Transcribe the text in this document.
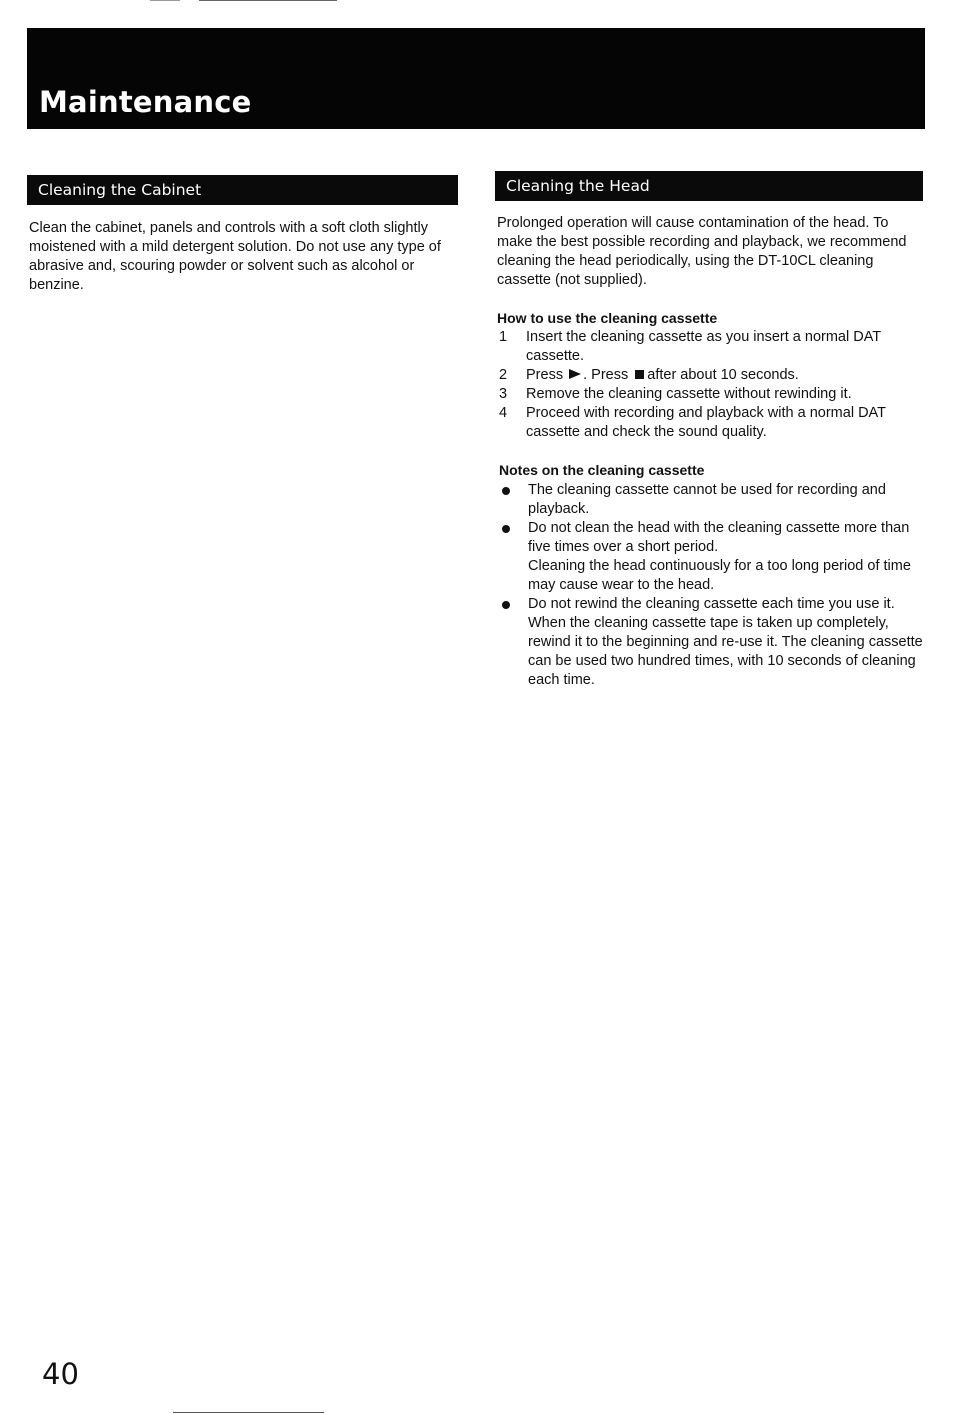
Maintenance
Cleaning the Cabinet
Clean the cabinet, panels and controls with a soft cloth slightly moistened with a mild detergent solution. Do not use any type of abrasive and, scouring powder or solvent such as alcohol or benzine.
Cleaning the Head
Prolonged operation will cause contamination of the head. To make the best possible recording and playback, we recommend cleaning the head periodically, using the DT-10CL cleaning cassette (not supplied).
How to use the cleaning cassette
1 Insert the cleaning cassette as you insert a normal DAT cassette.
2 Press . Press after about 10 seconds.
3 Remove the cleaning cassette without rewinding it.
4 Proceed with recording and playback with a normal DAT cassette and check the sound quality.
Notes on the cleaning cassette
The cleaning cassette cannot be used for recording and playback.
Do not clean the head with the cleaning cassette more than five times over a short period.
Cleaning the head continuously for a too long period of time may cause wear to the head.
Do not rewind the cleaning cassette each time you use it. When the cleaning cassette tape is taken up completely, rewind it to the beginning and re-use it. The cleaning cassette can be used two hundred times, with 10 seconds of cleaning each time.
40
